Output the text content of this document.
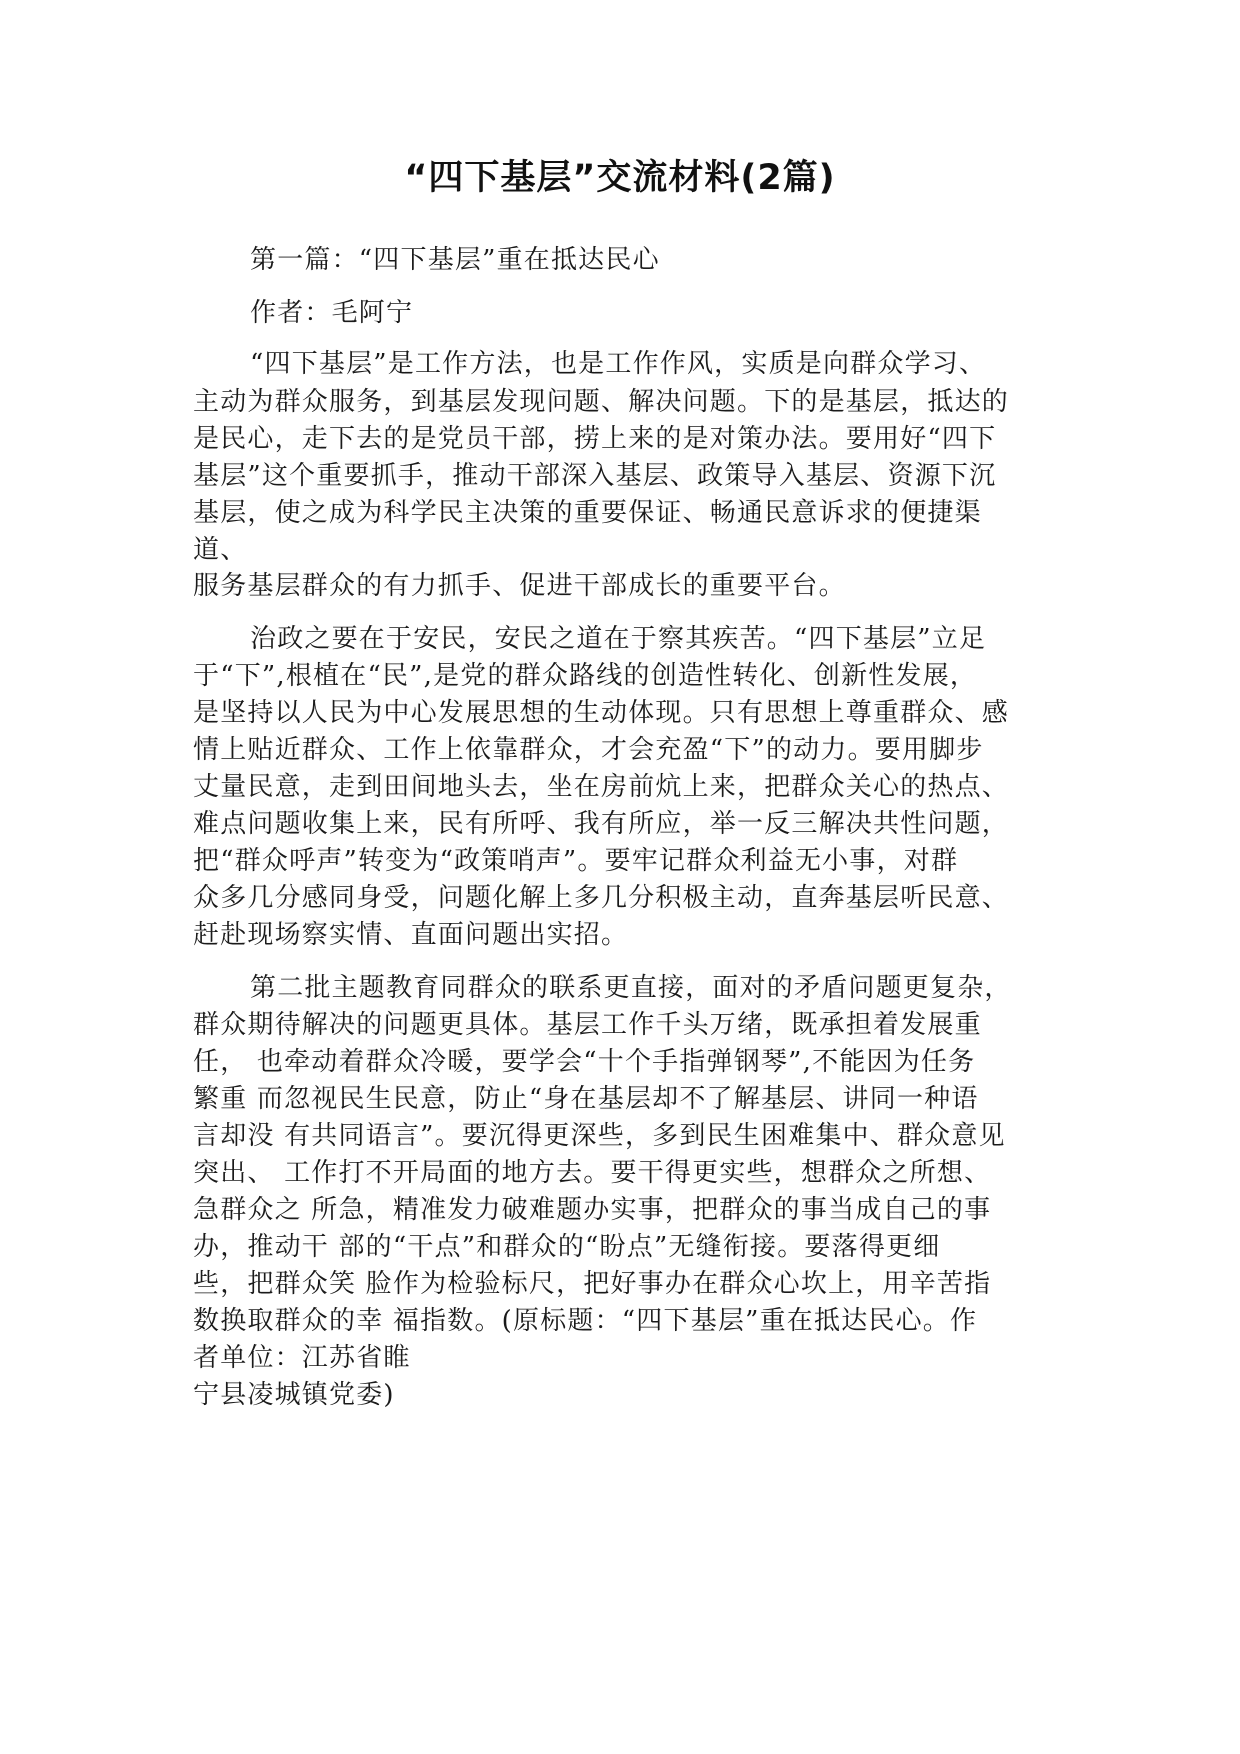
“四下基层”交流材料(2篇)
第一篇：“四下基层”重在抵达民心
作者：毛阿宁
“四下基层”是工作方法，也是工作作风，实质是向群众学习、
主动为群众服务，到基层发现问题、解决问题。下的是基层，抵达的
是民心，走下去的是党员干部，捞上来的是对策办法。要用好“四下
基层”这个重要抓手，推动干部深入基层、政策导入基层、资源下沉
基层，使之成为科学民主决策的重要保证、畅通民意诉求的便捷渠
道、
服务基层群众的有力抓手、促进干部成长的重要平台。
治政之要在于安民，安民之道在于察其疾苦。“四下基层”立足
于“下”,根植在“民”,是党的群众路线的创造性转化、创新性发展，
是坚持以人民为中心发展思想的生动体现。只有思想上尊重群众、感
情上贴近群众、工作上依靠群众，才会充盈“下”的动力。要用脚步
丈量民意，走到田间地头去，坐在房前炕上来，把群众关心的热点、
难点问题收集上来，民有所呼、我有所应，举一反三解决共性问题，
把“群众呼声”转变为“政策哨声”。要牢记群众利益无小事，对群
众多几分感同身受，问题化解上多几分积极主动，直奔基层听民意、
赶赴现场察实情、直面问题出实招。
第二批主题教育同群众的联系更直接，面对的矛盾问题更复杂，
群众期待解决的问题更具体。基层工作千头万绪，既承担着发展重
任， 也牵动着群众冷暖，要学会“十个手指弹钢琴”,不能因为任务
繁重 而忽视民生民意，防止“身在基层却不了解基层、讲同一种语
言却没 有共同语言”。要沉得更深些，多到民生困难集中、群众意见
突出、 工作打不开局面的地方去。要干得更实些，想群众之所想、
急群众之 所急，精准发力破难题办实事，把群众的事当成自己的事
办，推动干 部的“干点”和群众的“盼点”无缝衔接。要落得更细
些，把群众笑 脸作为检验标尺，把好事办在群众心坎上，用辛苦指
数换取群众的幸 福指数。(原标题：“四下基层”重在抵达民心。作
者单位：江苏省睢
宁县凌城镇党委)
